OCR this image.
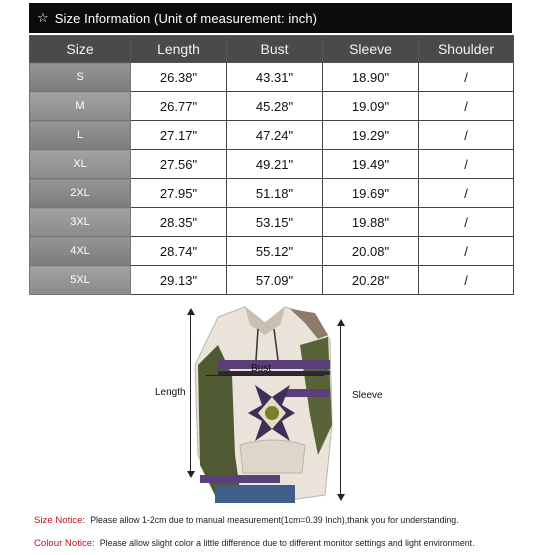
☆ Size Information (Unit of measurement: inch)
Size	Length	Bust	Sleeve	Shoulder
S	26.38"	43.31"	18.90"	/
M	26.77"	45.28"	19.09"	/
L	27.17"	47.24"	19.29"	/
XL	27.56"	49.21"	19.49"	/
2XL	27.95"	51.18"	19.69"	/
3XL	28.35"	53.15"	19.88"	/
4XL	28.74"	55.12"	20.08"	/
5XL	29.13"	57.09"	20.28"	/
Length
Bust
Sleeve
Size Notice: Please allow 1-2cm due to manual measurement(1cm=0.39 Inch),thank you for understanding.
Colour Notice: Please allow slight color a little difference due to different monitor settings and light environment.
